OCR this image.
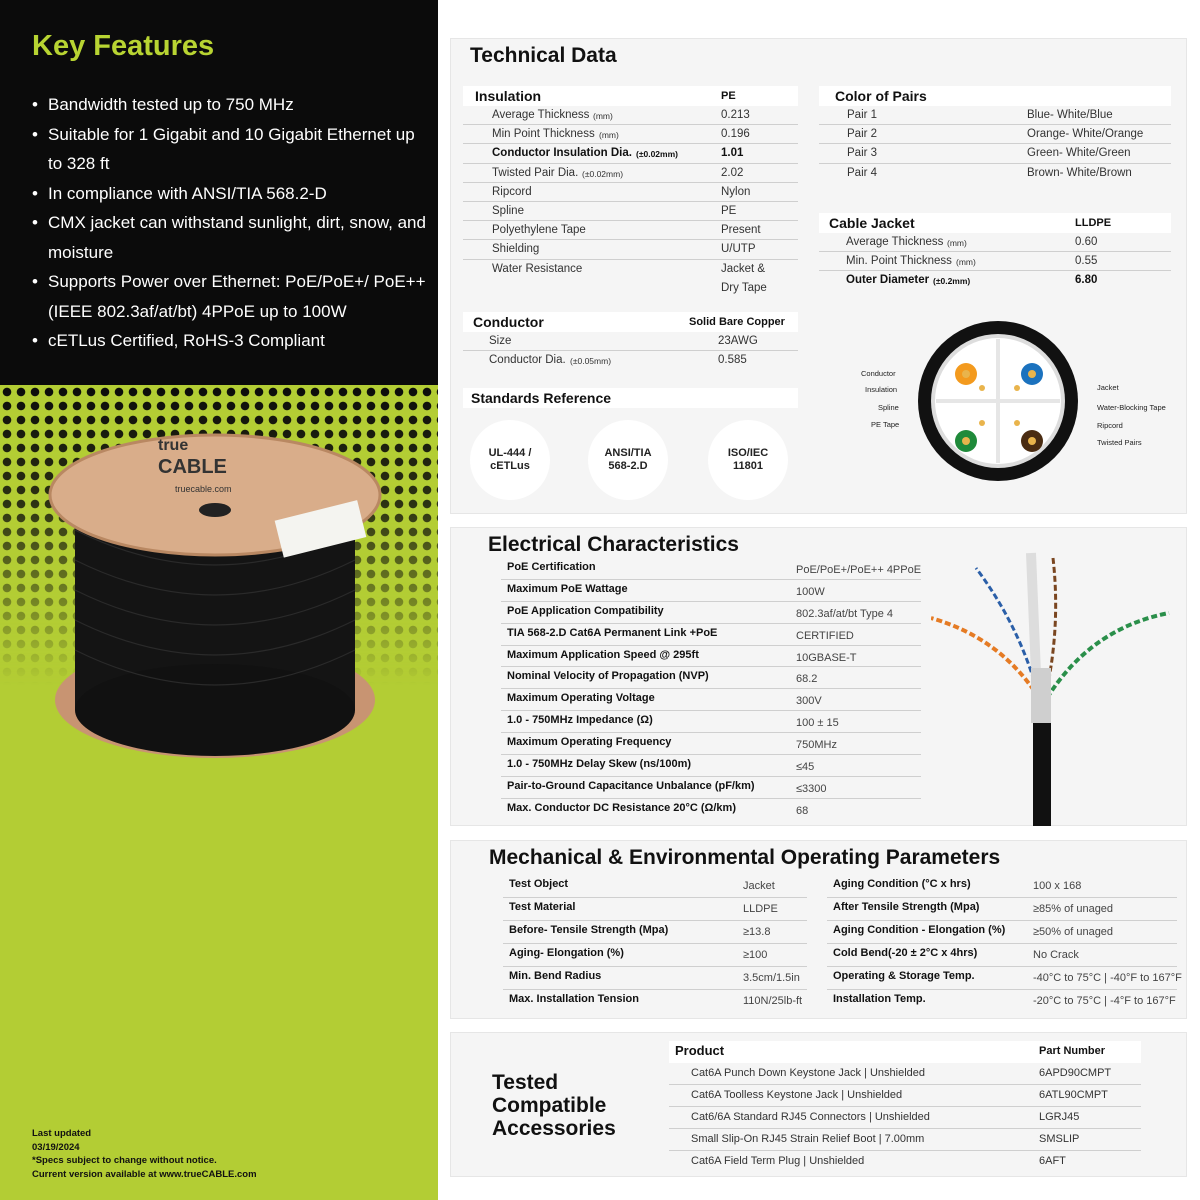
Key Features
• Bandwidth tested up to 750 MHz
• Suitable for 1 Gigabit and 10 Gigabit Ethernet up to 328 ft
• In compliance with ANSI/TIA 568.2-D
• CMX jacket can withstand sunlight, dirt, snow, and moisture
• Supports Power over Ethernet: PoE/PoE+/ PoE++ (IEEE 802.3af/at/bt) 4PPoE up to 100W
• cETLus Certified, RoHS-3 Compliant
true
CABLE
truecable.com
Last updated
03/19/2024
*Specs subject to change without notice.
Current version available at www.trueCABLE.com
Technical Data
Insulation	PE
Average Thickness (mm)	0.213
Min Point Thickness (mm)	0.196
Conductor Insulation Dia. (±0.02mm)	1.01
Twisted Pair Dia. (±0.02mm)	2.02
Ripcord	Nylon
Spline	PE
Polyethylene Tape	Present
Shielding	U/UTP
Water Resistance	Jacket &
Dry Tape
Conductor	Solid Bare Copper
Size	23AWG
Conductor Dia. (±0.05mm)	0.585
Standards Reference
UL-444 /
cETLus
ANSI/TIA
568-2.D
ISO/IEC
11801
Color of Pairs
Pair 1	Blue- White/Blue
Pair 2	Orange- White/Orange
Pair 3	Green- White/Green
Pair 4	Brown- White/Brown
Cable Jacket	LLDPE
Average Thickness (mm)	0.60
Min. Point Thickness (mm)	0.55
Outer Diameter (±0.2mm)	6.80
Conductor
Insulation
Spline
PE Tape
Jacket
Water-Blocking Tape
Ripcord
Twisted Pairs
Electrical Characteristics
PoE Certification	PoE/PoE+/PoE++ 4PPoE
Maximum PoE Wattage	100W
PoE Application Compatibility	802.3af/at/bt Type 4
TIA 568-2.D Cat6A Permanent Link +PoE	CERTIFIED
Maximum Application Speed @ 295ft	10GBASE-T
Nominal Velocity of Propagation (NVP)	68.2
Maximum Operating Voltage	300V
1.0 - 750MHz Impedance (Ω)	100 ± 15
Maximum Operating Frequency	750MHz
1.0 - 750MHz Delay Skew (ns/100m)	≤45
Pair-to-Ground Capacitance Unbalance (pF/km)	≤3300
Max. Conductor DC Resistance 20°C (Ω/km)	68
Mechanical & Environmental Operating Parameters
Test Object	Jacket
Test Material	LLDPE
Before- Tensile Strength (Mpa)	≥13.8
Aging- Elongation (%)	≥100
Min. Bend Radius	3.5cm/1.5in
Max. Installation Tension	110N/25lb-ft
Aging Condition (°C x hrs)	100 x 168
After Tensile Strength (Mpa)	≥85% of unaged
Aging Condition - Elongation (%)	≥50% of unaged
Cold Bend(-20 ± 2°C x 4hrs)	No Crack
Operating & Storage Temp.	-40°C to 75°C | -40°F to 167°F
Installation Temp.	-20°C to 75°C | -4°F to 167°F
Tested
Compatible
Accessories
Product	Part Number
Cat6A Punch Down Keystone Jack | Unshielded	6APD90CMPT
Cat6A Toolless Keystone Jack | Unshielded	6ATL90CMPT
Cat6/6A Standard RJ45 Connectors | Unshielded	LGRJ45
Small Slip-On RJ45 Strain Relief Boot | 7.00mm	SMSLIP
Cat6A Field Term Plug | Unshielded	6AFT
